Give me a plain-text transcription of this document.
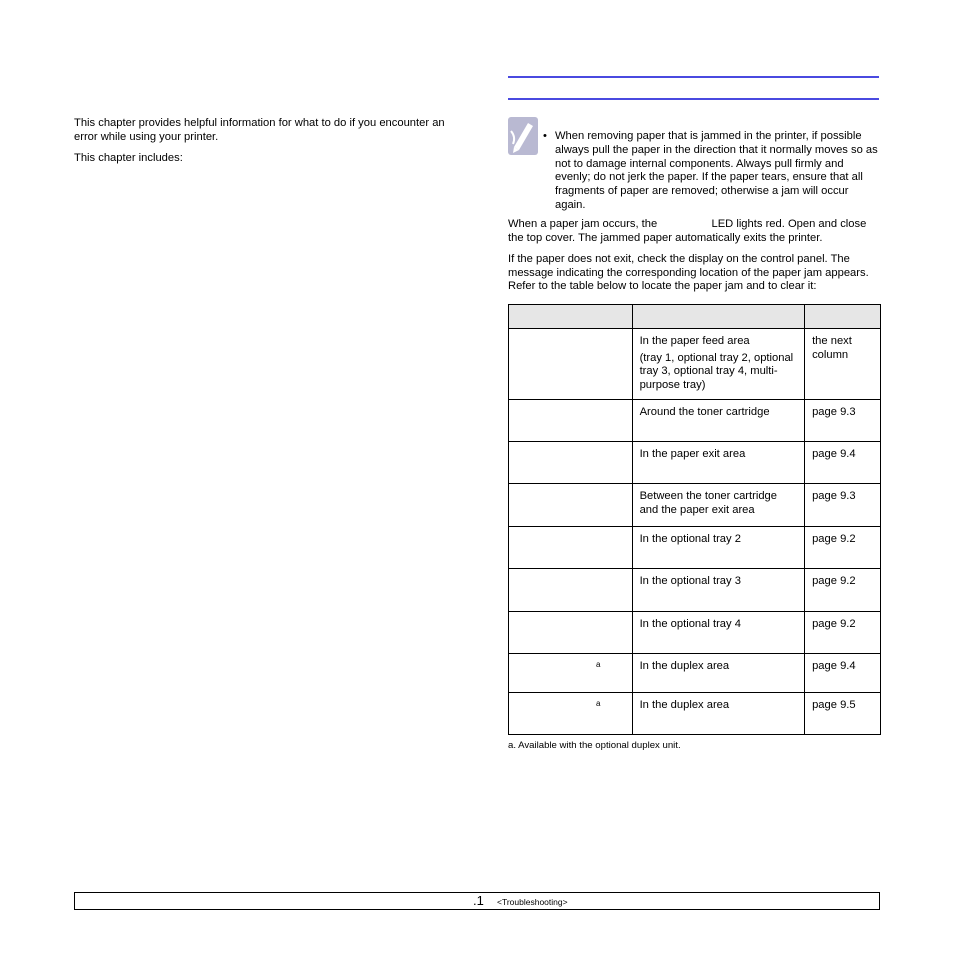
This chapter provides helpful information for what to do if you encounter an error while using your printer.

This chapter includes:

• When removing paper that is jammed in the printer, if possible always pull the paper in the direction that it normally moves so as not to damage internal components. Always pull firmly and evenly; do not jerk the paper. If the paper tears, ensure that all fragments of paper are removed; otherwise a jam will occur again.

When a paper jam occurs, the	LED lights red. Open and close the top cover. The jammed paper automatically exits the printer.

If the paper does not exit, check the display on the control panel. The message indicating the corresponding location of the paper jam appears. Refer to the table below to locate the paper jam and to clear it:

	In the paper feed area
(tray 1, optional tray 2, optional tray 3, optional tray 4, multi-purpose tray)	the next column
	Around the toner cartridge	page 9.3
	In the paper exit area	page 9.4
	Between the toner cartridge and the paper exit area	page 9.3
	In the optional tray 2	page 9.2
	In the optional tray 3	page 9.2
	In the optional tray 4	page 9.2
a	In the duplex area	page 9.4
a	In the duplex area	page 9.5
a. Available with the optional duplex unit.
.1 <Troubleshooting>
